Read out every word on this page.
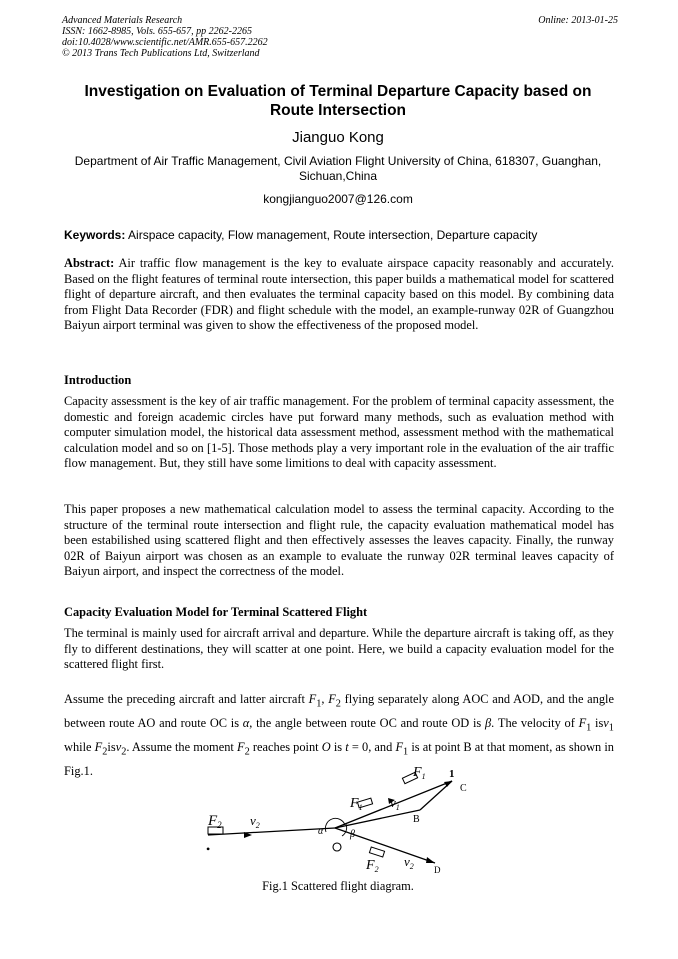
Advanced Materials Research
ISSN: 1662-8985, Vols. 655-657, pp 2262-2265
doi:10.4028/www.scientific.net/AMR.655-657.2262
© 2013 Trans Tech Publications Ltd, Switzerland
Online: 2013-01-25
Investigation on Evaluation of Terminal Departure Capacity based on
Route Intersection
Jianguo Kong
Department of Air Traffic Management, Civil Aviation Flight University of China, 618307, Guanghan,
Sichuan,China
kongjianguo2007@126.com
Keywords: Airspace capacity, Flow management, Route intersection, Departure capacity
Abstract: Air traffic flow management is the key to evaluate airspace capacity reasonably and accurately. Based on the flight features of terminal route intersection, this paper builds a mathematical model for scattered flight of departure aircraft, and then evaluates the terminal capacity based on this model. By combining data from Flight Data Recorder (FDR) and flight schedule with the model, an example-runway 02R of Guangzhou Baiyun airport terminal was given to show the effectiveness of the proposed model.
Introduction
Capacity assessment is the key of air traffic management. For the problem of terminal capacity assessment, the domestic and foreign academic circles have put forward many methods, such as evaluation method with computer simulation model, the historical data assessment method, assessment method with the mathematical calculation model and so on [1-5]. Those methods play a very important role in the evaluation of the air traffic flow management. But, they still have some limitions to deal with capacity assessment.
This paper proposes a new mathematical calculation model to assess the terminal capacity. According to the structure of the terminal route intersection and flight rule, the capacity evaluation mathematical model has been estabilished using scattered flight and then effectively assesses the leaves capacity. Finally, the runway 02R of Baiyun airport was chosen as an example to evaluate the runway 02R terminal leaves capacity of Baiyun airport, and inspect the correctness of the model.
Capacity Evaluation Model for Terminal Scattered Flight
The terminal is mainly used for aircraft arrival and departure. While the departure aircraft is taking off, as they fly to different destinations, they will scatter at one point. Here, we build a capacity evaluation model for the scattered flight first.
Assume the preceding aircraft and latter aircraft $F_1$, $F_2$ flying separately along AOC and AOD, and the angle between route AO and route OC is α, the angle between route OC and route OD is β. The velocity of $F_1$ isv$_1$ while $F_2isv_2$. Assume the moment $F_2$ reaches point O is t = 0, and $F_1$ is at point B at that moment, as shown in Fig.1.
$F_2$
•
$v_2$
$F_1$ $v_1$
$F_1$ 1
C
B
α	β
$F_2$
$v_2$ D
Fig.1 Scattered flight diagram.
